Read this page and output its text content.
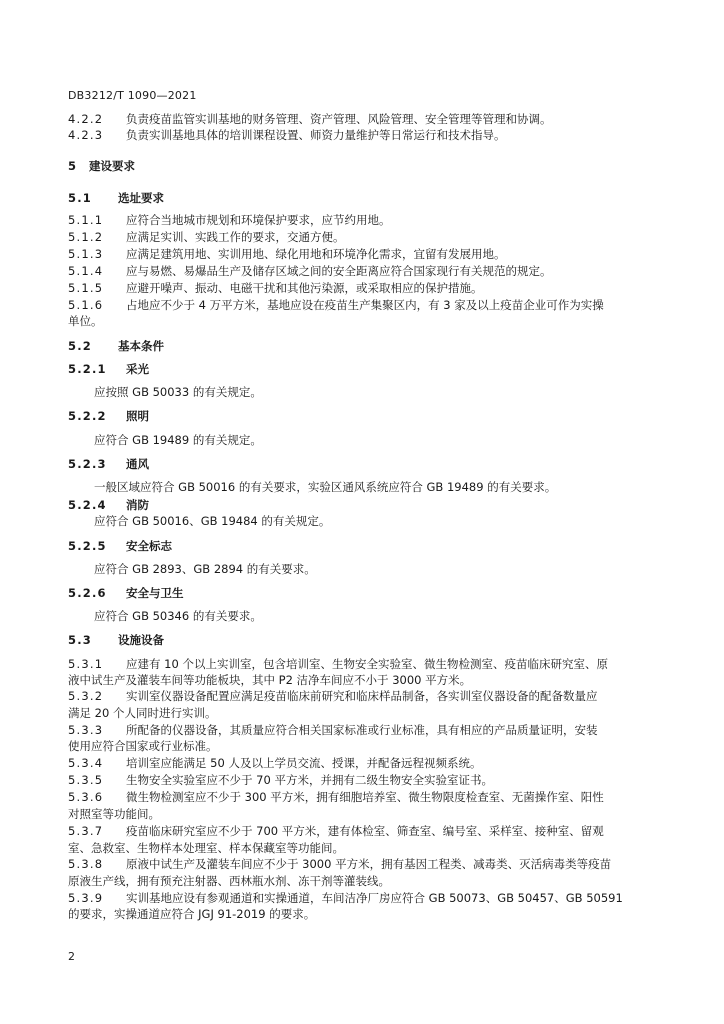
DB3212/T 1090—2021
4.2.2 负责疫苗监管实训基地的财务管理、资产管理、风险管理、安全管理等管理和协调。
4.2.3 负责实训基地具体的培训课程设置、师资力量维护等日常运行和技术指导。
5 建设要求
5.1 选址要求
5.1.1 应符合当地城市规划和环境保护要求，应节约用地。
5.1.2 应满足实训、实践工作的要求，交通方便。
5.1.3 应满足建筑用地、实训用地、绿化用地和环境净化需求，宜留有发展用地。
5.1.4 应与易燃、易爆品生产及储存区域之间的安全距离应符合国家现行有关规范的规定。
5.1.5 应避开噪声、振动、电磁干扰和其他污染源，或采取相应的保护措施。
5.1.6 占地应不少于 4 万平方米，基地应设在疫苗生产集聚区内，有 3 家及以上疫苗企业可作为实操
单位。
5.2 基本条件
5.2.1 采光
应按照 GB 50033 的有关规定。
5.2.2 照明
应符合 GB 19489 的有关规定。
5.2.3 通风
一般区域应符合 GB 50016 的有关要求，实验区通风系统应符合 GB 19489 的有关要求。
5.2.4 消防
应符合 GB 50016、GB 19484 的有关规定。
5.2.5 安全标志
应符合 GB 2893、GB 2894 的有关要求。
5.2.6 安全与卫生
应符合 GB 50346 的有关要求。
5.3 设施设备
5.3.1 应建有 10 个以上实训室，包含培训室、生物安全实验室、微生物检测室、疫苗临床研究室、原
液中试生产及灌装车间等功能板块，其中 P2 洁净车间应不小于 3000 平方米。
5.3.2 实训室仪器设备配置应满足疫苗临床前研究和临床样品制备，各实训室仪器设备的配备数量应
满足 20 个人同时进行实训。
5.3.3 所配备的仪器设备，其质量应符合相关国家标准或行业标准，具有相应的产品质量证明，安装
使用应符合国家或行业标准。
5.3.4 培训室应能满足 50 人及以上学员交流、授课，并配备远程视频系统。
5.3.5 生物安全实验室应不少于 70 平方米，并拥有二级生物安全实验室证书。
5.3.6 微生物检测室应不少于 300 平方米，拥有细胞培养室、微生物限度检查室、无菌操作室、阳性
对照室等功能间。
5.3.7 疫苗临床研究室应不少于 700 平方米，建有体检室、筛查室、编号室、采样室、接种室、留观
室、急救室、生物样本处理室、样本保藏室等功能间。
5.3.8 原液中试生产及灌装车间应不少于 3000 平方米，拥有基因工程类、减毒类、灭活病毒类等疫苗
原液生产线，拥有预充注射器、西林瓶水剂、冻干剂等灌装线。
5.3.9 实训基地应设有参观通道和实操通道，车间洁净厂房应符合 GB 50073、GB 50457、GB 50591
的要求，实操通道应符合 JGJ 91-2019 的要求。
2
